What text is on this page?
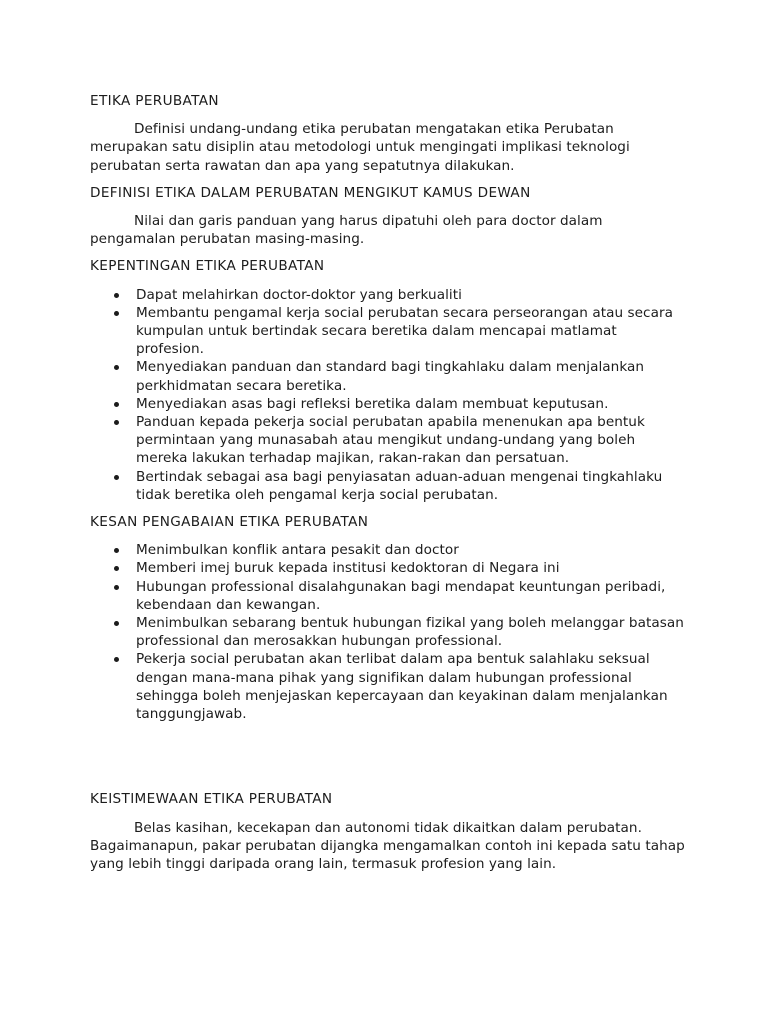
ETIKA PERUBATAN

Definisi undang-undang etika perubatan mengatakan etika Perubatan merupakan satu disiplin atau metodologi untuk mengingati implikasi teknologi perubatan serta rawatan dan apa yang sepatutnya dilakukan.

DEFINISI ETIKA DALAM PERUBATAN MENGIKUT KAMUS DEWAN

Nilai dan garis panduan yang harus dipatuhi oleh para doctor dalam pengamalan perubatan masing-masing.

KEPENTINGAN ETIKA PERUBATAN
Dapat melahirkan doctor-doktor yang berkualiti
Membantu pengamal kerja social perubatan secara perseorangan atau secara kumpulan untuk bertindak secara beretika dalam mencapai matlamat profesion.
Menyediakan panduan dan standard bagi tingkahlaku dalam menjalankan perkhidmatan secara beretika.
Menyediakan asas bagi refleksi beretika dalam membuat keputusan.
Panduan kepada pekerja social perubatan apabila menenukan apa bentuk permintaan yang munasabah atau mengikut undang-undang yang boleh mereka lakukan terhadap majikan, rakan-rakan dan persatuan.
Bertindak sebagai asa bagi penyiasatan aduan-aduan mengenai tingkahlaku tidak beretika oleh pengamal kerja social perubatan.
KESAN PENGABAIAN ETIKA PERUBATAN
Menimbulkan konflik antara pesakit dan doctor
Memberi imej buruk kepada institusi kedoktoran di Negara ini
Hubungan professional disalahgunakan bagi mendapat keuntungan peribadi, kebendaan dan kewangan.
Menimbulkan sebarang bentuk hubungan fizikal yang boleh melanggar batasan professional dan merosakkan hubungan professional.
Pekerja social perubatan akan terlibat dalam apa bentuk salahlaku seksual dengan mana-mana pihak yang signifikan dalam hubungan professional sehingga boleh menjejaskan kepercayaan dan keyakinan dalam menjalankan tanggungjawab.
KEISTIMEWAAN ETIKA PERUBATAN

Belas kasihan, kecekapan dan autonomi tidak dikaitkan dalam perubatan. Bagaimanapun, pakar perubatan dijangka mengamalkan contoh ini kepada satu tahap yang lebih tinggi daripada orang lain, termasuk profesion yang lain.
